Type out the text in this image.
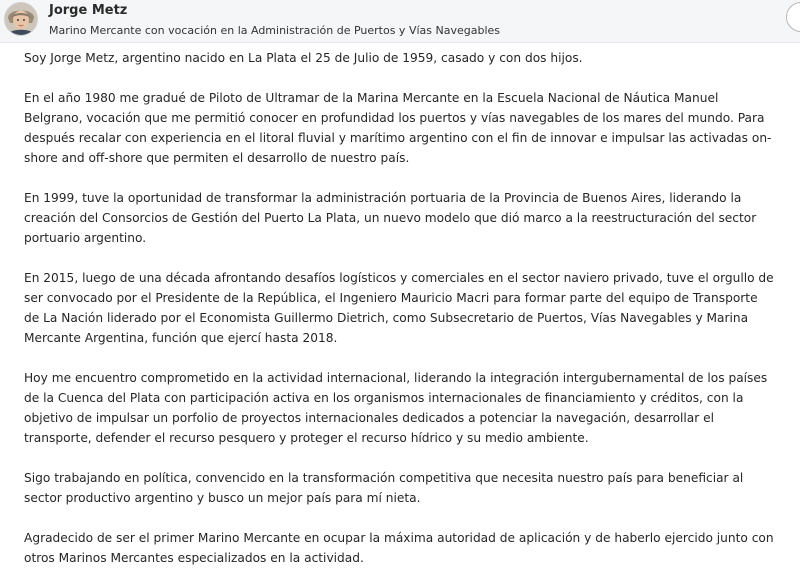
Jorge Metz
Marino Mercante con vocación en la Administración de Puertos y Vías Navegables

Soy Jorge Metz, argentino nacido en La Plata el 25 de Julio de 1959, casado y con dos hijos.

En el año 1980 me gradué de Piloto de Ultramar de la Marina Mercante en la Escuela Nacional de Náutica Manuel Belgrano, vocación que me permitió conocer en profundidad los puertos y vías navegables de los mares del mundo. Para después recalar con experiencia en el litoral fluvial y marítimo argentino con el fin de innovar e impulsar las activadas on-shore and off-shore que permiten el desarrollo de nuestro país.

En 1999, tuve la oportunidad de transformar la administración portuaria de la Provincia de Buenos Aires, liderando la creación del Consorcios de Gestión del Puerto La Plata, un nuevo modelo que dió marco a la reestructuración del sector portuario argentino.

En 2015, luego de una década afrontando desafíos logísticos y comerciales en el sector naviero privado, tuve el orgullo de ser convocado por el Presidente de la República, el Ingeniero Mauricio Macri para formar parte del equipo de Transporte de La Nación liderado por el Economista Guillermo Dietrich, como Subsecretario de Puertos, Vías Navegables y Marina Mercante Argentina, función que ejercí hasta 2018.

Hoy me encuentro comprometido en la actividad internacional, liderando la integración intergubernamental de los países de la Cuenca del Plata con participación activa en los organismos internacionales de financiamiento y créditos, con la objetivo de impulsar un porfolio de proyectos internacionales dedicados a potenciar la navegación, desarrollar el transporte, defender el recurso pesquero y proteger el recurso hídrico y su medio ambiente.

Sigo trabajando en política, convencido en la transformación competitiva que necesita nuestro país para beneficiar al sector productivo argentino y busco un mejor país para mí nieta.

Agradecido de ser el primer Marino Mercante en ocupar la máxima autoridad de aplicación y de haberlo ejercido junto con otros Marinos Mercantes especializados en la actividad.
